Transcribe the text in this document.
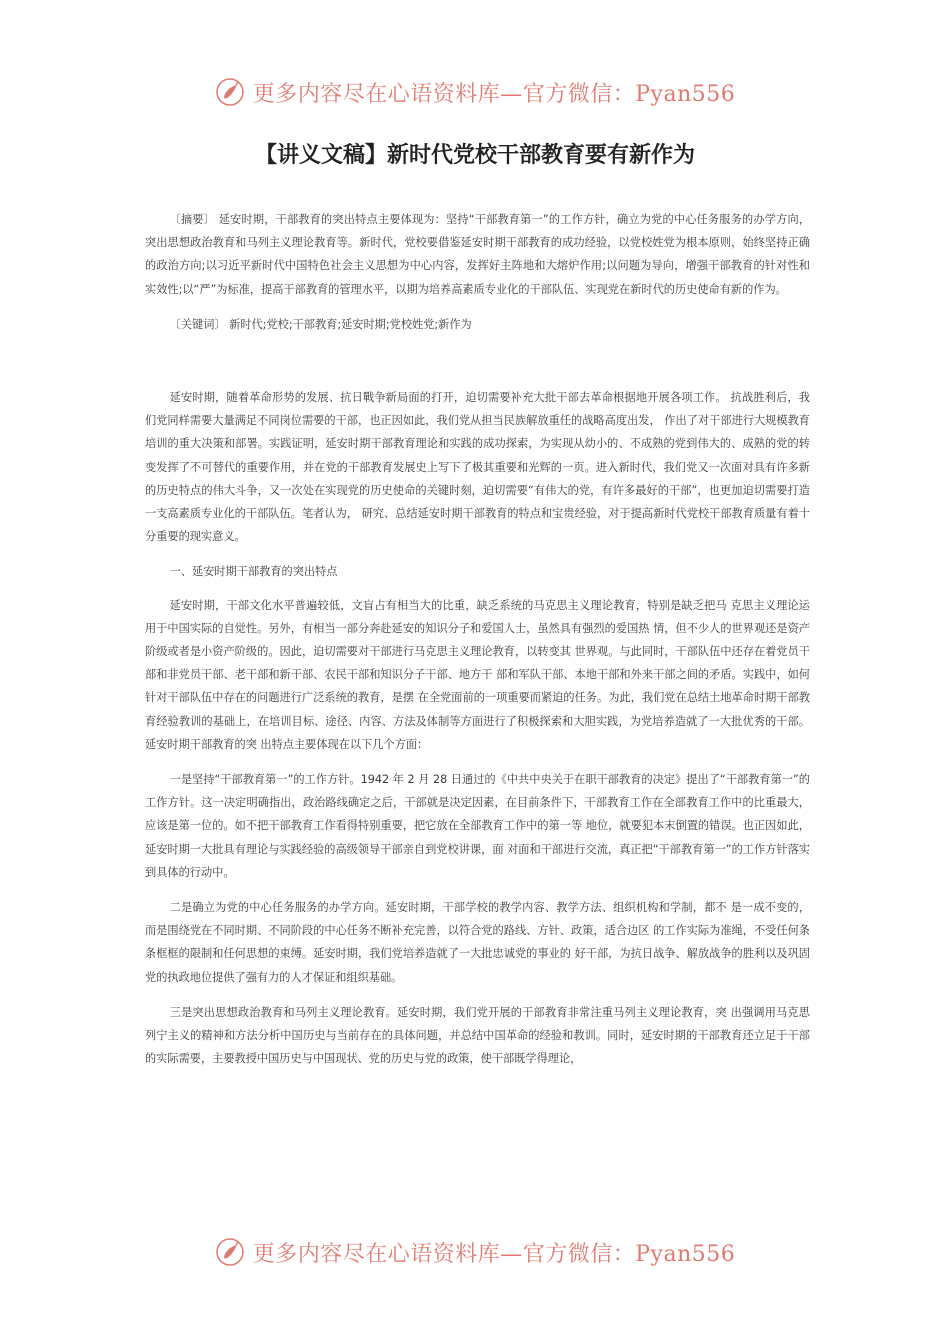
更多内容尽在心语资料库—官方微信：Pyan556
【讲义文稿】新时代党校干部教育要有新作为

〔摘要〕 延安时期，干部教育的突出特点主要体现为：坚持“干部教育第一”的工作方针，确立为党的中心任务服务的办学方向，突出思想政治教育和马列主义理论教育等。新时代，党校要借鉴延安时期干部教育的成功经验，以党校姓党为根本原则，始终坚持正确的政治方向;以习近平新时代中国特色社会主义思想为中心内容，发挥好主阵地和大熔炉作用;以问题为导向，增强干部教育的针对性和实效性;以“严”为标准，提高干部教育的管理水平，以期为培养高素质专业化的干部队伍、实现党在新时代的历史使命有新的作为。

〔关键词〕 新时代;党校;干部教育;延安时期;党校姓党;新作为

延安时期，随着革命形势的发展、抗日戰争新局面的打开，迫切需要补充大批干部去革命根据地开展各项工作。 抗战胜利后，我们党同样需要大量满足不同岗位需要的干部，也正因如此，我们党从担当民族解放重任的战略高度出发， 作出了对干部进行大规模教育培训的重大决策和部署。实践证明，延安时期干部教育理论和实践的成功探索，为实现从幼小的、不成熟的党到伟大的、成熟的党的转变发挥了不可替代的重要作用，并在党的干部教育发展史上写下了极其重要和光辉的一页。进入新时代，我们党又一次面对具有许多新的历史特点的伟大斗争，又一次处在实现党的历史使命的关键时刻，迫切需要“有伟大的党，有许多最好的干部”，也更加迫切需要打造一支高素质专业化的干部队伍。笔者认为， 研究、总结延安时期干部教育的特点和宝贵经验，对于提高新时代党校干部教育质量有着十分重要的现实意义。

一、延安时期干部教育的突出特点

延安时期，干部文化水平普遍较低，文盲占有相当大的比重，缺乏系统的马克思主义理论教育，特别是缺乏把马 克思主义理论运用于中国实际的自觉性。另外，有相当一部分奔赴延安的知识分子和爱国人士，虽然具有强烈的爱国热 情，但不少人的世界观还是资产阶级或者是小资产阶级的。因此，迫切需要对干部进行马克思主义理论教育，以转变其 世界观。与此同时，干部队伍中还存在着党员干部和非党员干部、老干部和新干部、农民干部和知识分子干部、地方干 部和军队干部、本地干部和外来干部之间的矛盾。实践中，如何针对干部队伍中存在的问题进行广泛系统的教育，是摆 在全党面前的一项重要而紧迫的任务。为此，我们党在总结土地革命时期干部教育经验教训的基础上，在培训目标、途径、内容、方法及体制等方面进行了积极探索和大胆实践，为党培养造就了一大批优秀的干部。延安时期干部教育的突 出特点主要体现在以下几个方面：

一是坚持“干部教育第一”的工作方针。1942 年 2 月 28 日通过的《中共中央关于在职干部教育的决定》提出了“干部教育第一”的工作方针。这一决定明确指出，政治路线确定之后，干部就是决定因素，在目前条件下，干部教育工作在全部教育工作中的比重最大，应该是第一位的。如不把干部教育工作看得特别重要，把它放在全部教育工作中的第一等 地位，就要犯本末倒置的错误。也正因如此，延安时期一大批具有理论与实践经验的高级领导干部亲自到党校讲课，面 对面和干部进行交流，真正把“干部教育第一”的工作方针落实到具体的行动中。

二是确立为党的中心任务服务的办学方向。延安时期，干部学校的教学内容、教学方法、组织机构和学制，都不 是一成不变的，而是围绕党在不同时期、不同阶段的中心任务不断补充完善，以符合党的路线、方针、政策，适合边区 的工作实际为准绳，不受任何条条框框的限制和任何思想的束缚。延安时期，我们党培养造就了一大批忠诚党的事业的 好干部，为抗日战争、解放战争的胜利以及巩固党的执政地位提供了强有力的人才保证和组织基础。

三是突出思想政治教育和马列主义理论教育。延安时期，我们党开展的干部教育非常注重马列主义理论教育，突 出强调用马克思列宁主义的精神和方法分析中国历史与当前存在的具体问题，并总结中国革命的经验和教训。同时，延安时期的干部教育还立足于干部的实际需要，主要教授中国历史与中国现状、党的历史与党的政策，使干部既学得理论，

更多内容尽在心语资料库—官方微信：Pyan556
